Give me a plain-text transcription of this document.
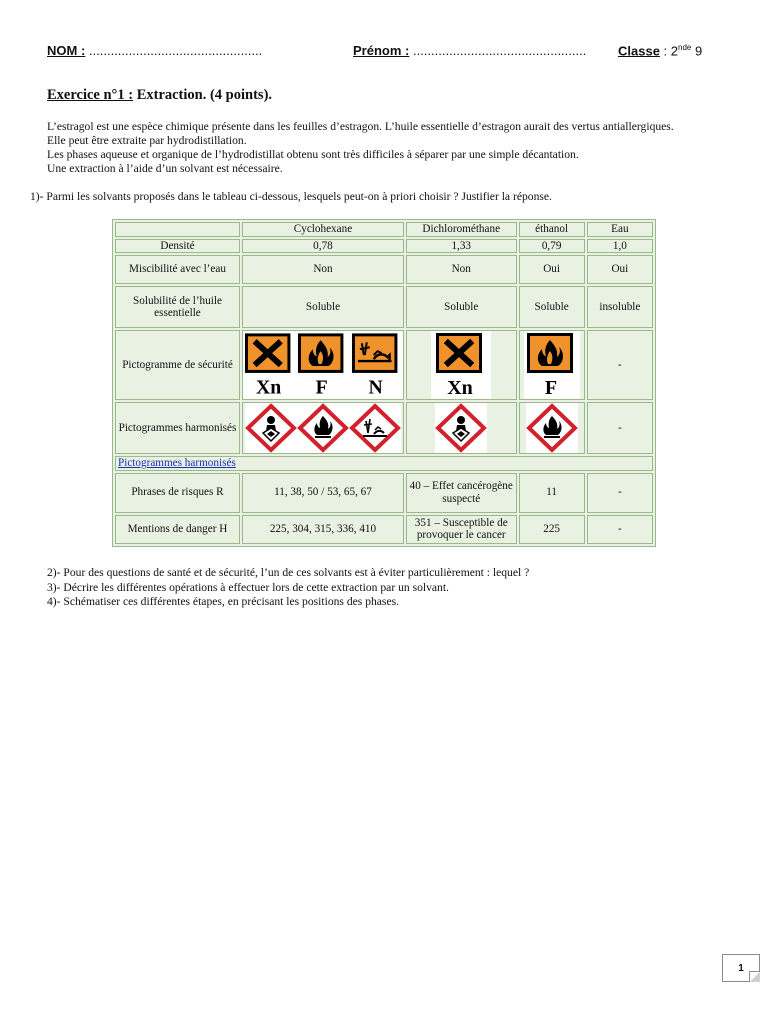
NOM : ................................................	Prénom : ................................................ Classe : 2nde 9
Exercice n°1 : Extraction. (4 points).

L’estragol est une espèce chimique présente dans les feuilles d’estragon. L’huile essentielle d’estragon aurait des vertus antiallergiques.

Elle peut être extraite par hydrodistillation.

Les phases aqueuse et organique de l’hydrodistillat obtenu sont très difficiles à séparer par une simple décantation.

Une extraction à l’aide d’un solvant est nécessaire.

1)- Parmi les solvants proposés dans le tableau ci-dessous, lesquels peut-on à priori choisir ? Justifier la réponse.
	Cyclohexane	Dichlorométhane	éthanol	Eau
Densité	0,78	1,33	0,79	1,0
Miscibilité avec l’eau	Non	Non	Oui	Oui
Solubilité de l’huile essentielle	Soluble	Soluble	Soluble	insoluble
Pictogramme de sécurité	Xn F N	Xn	F	-
Pictogrammes harmonisés				-
Pictogrammes harmonisés				
Phrases de risques R	11, 38, 50 / 53, 65, 67	40 – Effet cancérogène suspecté	11	-
Mentions de danger H	225, 304, 315, 336, 410	351 – Susceptible de provoquer le cancer	225	-

2)- Pour des questions de santé et de sécurité, l’un de ces solvants est à éviter particulièrement : lequel ?

3)- Décrire les différentes opérations à effectuer lors de cette extraction par un solvant.

4)- Schématiser ces différentes étapes, en précisant les positions des phases.

1
